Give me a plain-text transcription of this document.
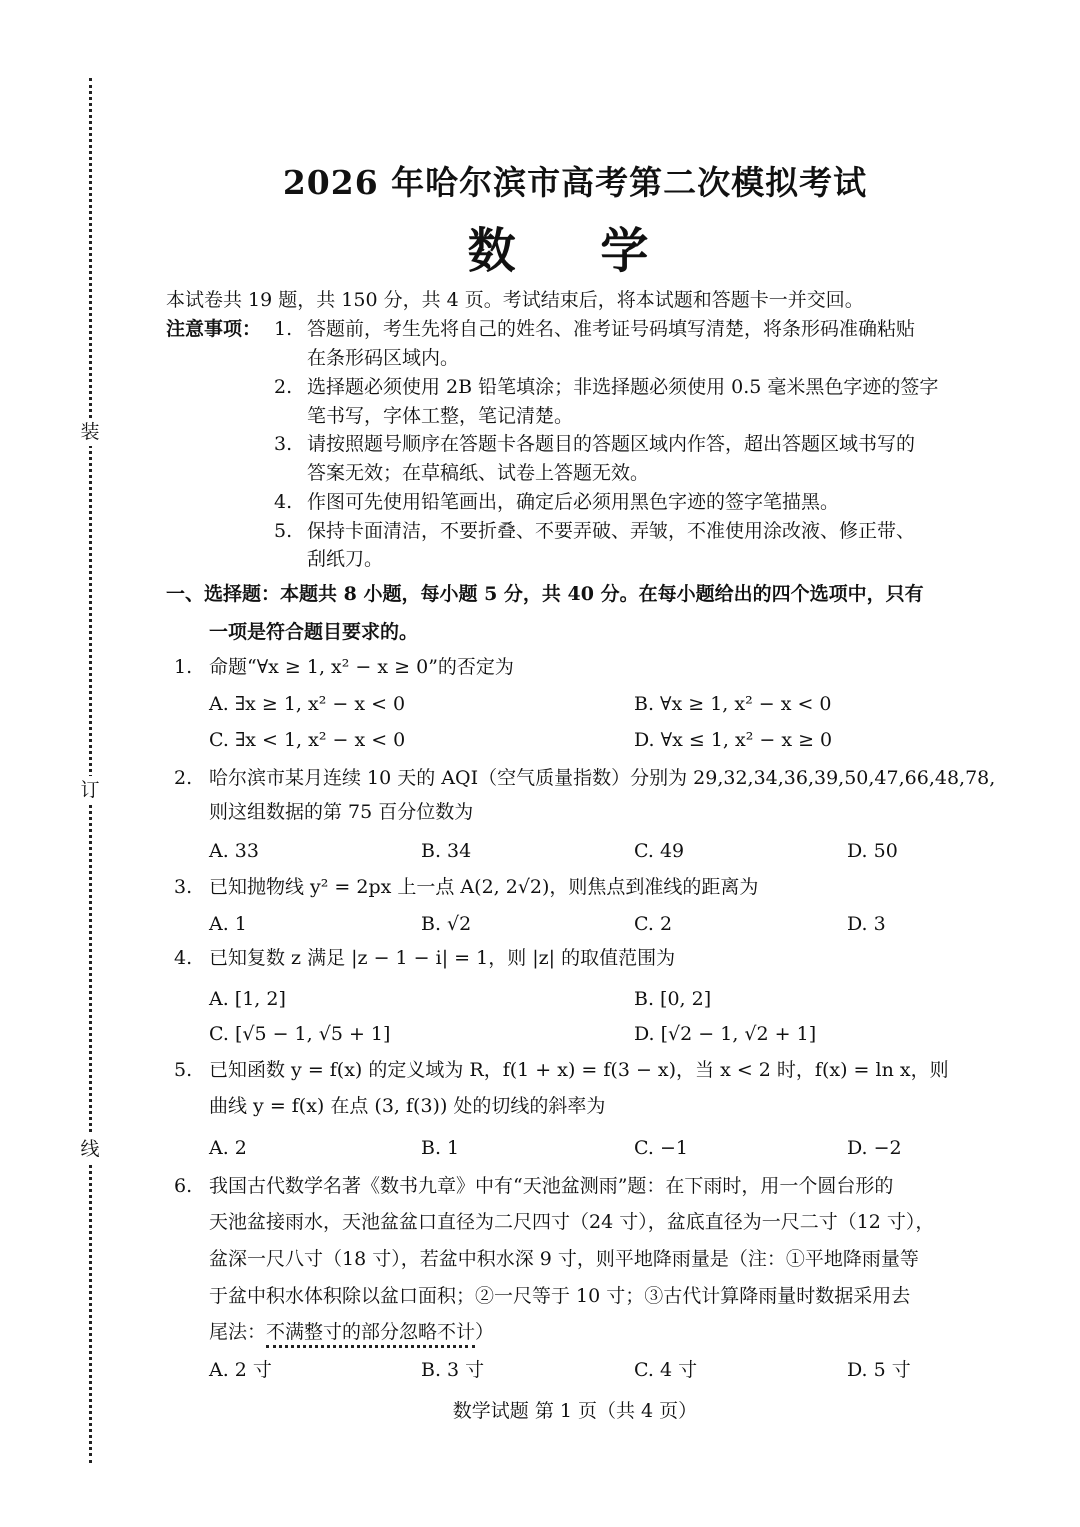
装
订
线
2026 年哈尔滨市高考第二次模拟考试
数 学
本试卷共 19 题，共 150 分，共 4 页。考试结束后，将本试题和答题卡一并交回。
注意事项： 1. 答题前，考生先将自己的姓名、准考证号码填写清楚，将条形码准确粘贴
在条形码区域内。
2. 选择题必须使用 2B 铅笔填涂；非选择题必须使用 0.5 毫米黑色字迹的签字
笔书写，字体工整，笔记清楚。
3. 请按照题号顺序在答题卡各题目的答题区域内作答，超出答题区域书写的
答案无效；在草稿纸、试卷上答题无效。
4. 作图可先使用铅笔画出，确定后必须用黑色字迹的签字笔描黑。
5. 保持卡面清洁，不要折叠、不要弄破、弄皱，不准使用涂改液、修正带、
刮纸刀。
一、选择题：本题共 8 小题，每小题 5 分，共 40 分。在每小题给出的四个选项中，只有
一项是符合题目要求的。
1. 命题“∀x ≥ 1, x² − x ≥ 0”的否定为
A. ∃x ≥ 1, x² − x < 0	B. ∀x ≥ 1, x² − x < 0
C. ∃x < 1, x² − x < 0	D. ∀x ≤ 1, x² − x ≥ 0
2. 哈尔滨市某月连续 10 天的 AQI（空气质量指数）分别为 29,32,34,36,39,50,47,66,48,78,
则这组数据的第 75 百分位数为
A. 33	B. 34	C. 49	D. 50
3. 已知抛物线 y² = 2px 上一点 A(2, 2√2)，则焦点到准线的距离为
A. 1	B. √2	C. 2	D. 3
4. 已知复数 z 满足 |z − 1 − i| = 1，则 |z| 的取值范围为
A. [1, 2]	B. [0, 2]
C. [√5 − 1, √5 + 1]	D. [√2 − 1, √2 + 1]
5. 已知函数 y = f(x) 的定义域为 R，f(1 + x) = f(3 − x)，当 x < 2 时，f(x) = ln x，则
曲线 y = f(x) 在点 (3, f(3)) 处的切线的斜率为
A. 2	B. 1	C. −1	D. −2
6. 我国古代数学名著《数书九章》中有“天池盆测雨”题：在下雨时，用一个圆台形的
天池盆接雨水，天池盆盆口直径为二尺四寸（24 寸），盆底直径为一尺二寸（12 寸），
盆深一尺八寸（18 寸），若盆中积水深 9 寸，则平地降雨量是（注：①平地降雨量等
于盆中积水体积除以盆口面积；②一尺等于 10 寸；③古代计算降雨量时数据采用去
尾法：不满整寸的部分忽略不计）
A. 2 寸	B. 3 寸	C. 4 寸	D. 5 寸
数学试题 第 1 页（共 4 页）
